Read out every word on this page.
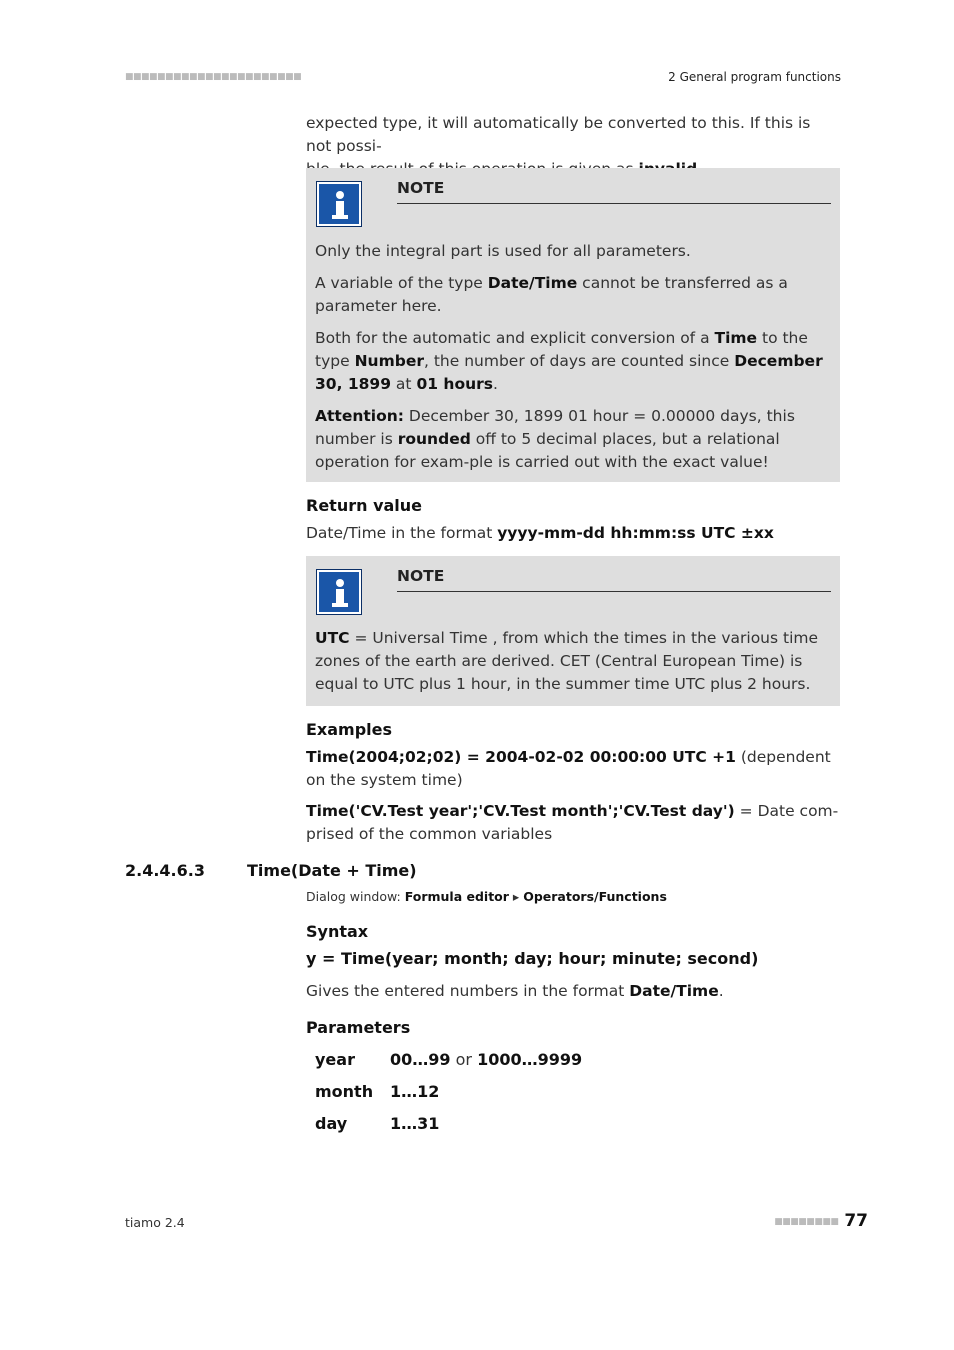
■■■■■■■■■■■■■■■■■■■■■■	2 General program functions
expected type, it will automatically be converted to this. If this is not possi-
NOTE

Only the integral part is used for all parameters.

A variable of the type Date/Time cannot be transferred as a parameter here.

Both for the automatic and explicit conversion of a Time to the type Number, the number of days are counted since December 30, 1899 at 01 hours.

Attention: December 30, 1899 01 hour = 0.00000 days, this number is rounded off to 5 decimal places, but a relational operation for exam-ple is carried out with the exact value!

Return value
Date/Time in the format yyyy-mm-dd hh:mm:ss UTC ±xx
NOTE

UTC = Universal Time , from which the times in the various time zones of the earth are derived. CET (Central European Time) is equal to UTC plus 1 hour, in the summer time UTC plus 2 hours.

Examples
Time(2004;02;02) = 2004-02-02 00:00:00 UTC +1 (dependent on the system time)
Time('CV.Test year';'CV.Test month';'CV.Test day') = Date com-prised of the common variables
2.4.4.6.3	Time(Date + Time)
Dialog window: Formula editor ▸ Operators/Functions
Syntax
y = Time(year; month; day; hour; minute; second)
Gives the entered numbers in the format Date/Time.
Parameters
year 00…99 or 1000…9999
month 1…12
day	1…31
tiamo 2.4	■■■■■■■■ 77
